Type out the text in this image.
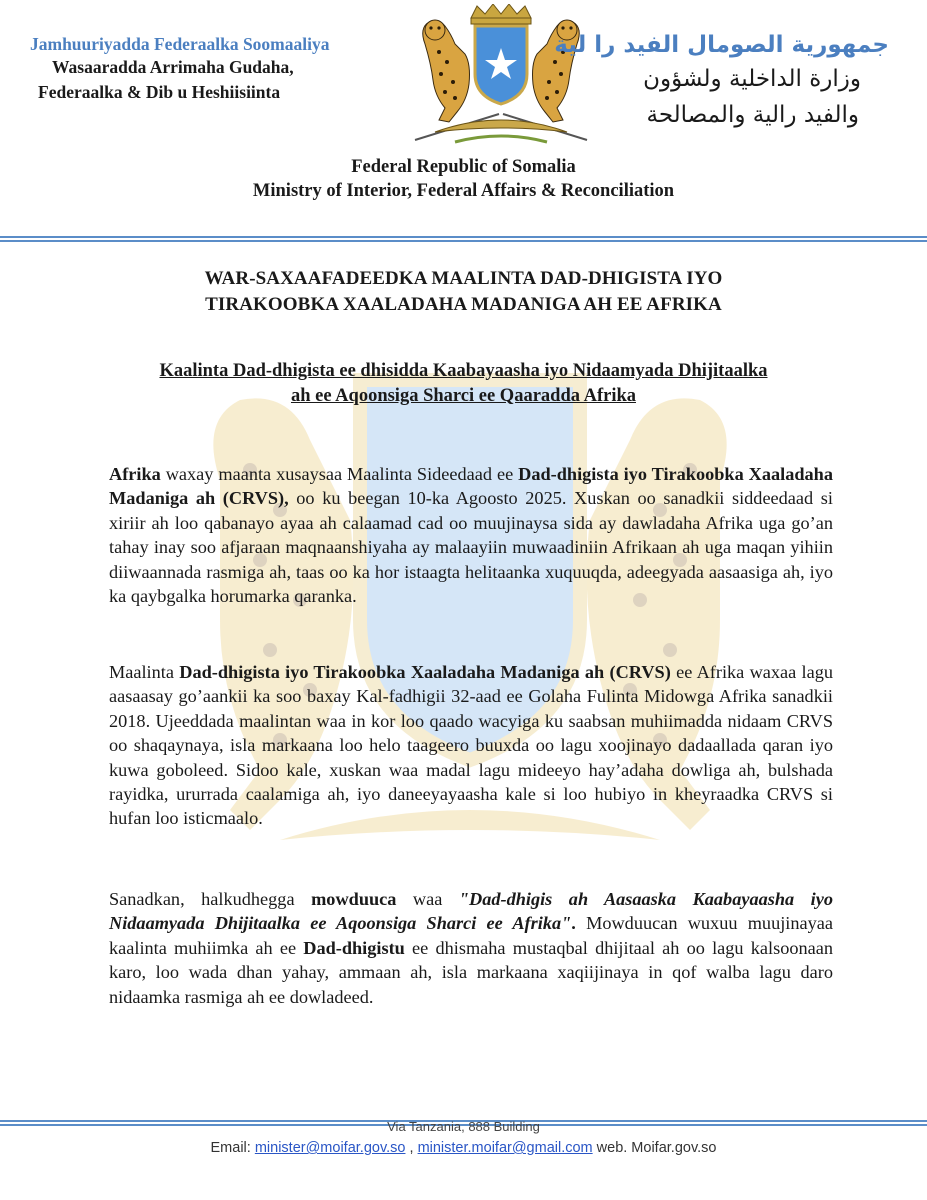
Jamhuuriyadda Federaalka Soomaaliya
Wasaaradda Arrimaha Gudaha,
Federaalka & Dib u Heshiisiinta
جمهورية الصومال الفيد را لية
وزارة الداخلية ولشؤون
والفيد رالية والمصالحة
Federal Republic of Somalia
Ministry of Interior, Federal Affairs & Reconciliation
WAR-SAXAAFADEEDKA MAALINTA DAD-DHIGISTA IYO
TIRAKOOBKA XAALADAHA MADANIGA AH EE AFRIKA
Kaalinta Dad-dhigista ee dhisidda Kaabayaasha iyo Nidaamyada Dhijitaalka
ah ee Aqoonsiga Sharci ee Qaaradda Afrika
Afrika waxay maanta xusaysaa Maalinta Sideedaad ee Dad-dhigista iyo Tirakoobka Xaaladaha Madaniga ah (CRVS), oo ku beegan 10-ka Agoosto 2025. Xuskan oo sanadkii siddeedaad si xiriir ah loo qabanayo ayaa ah calaamad cad oo muujinaysa sida ay dawladaha Afrika uga go’an tahay inay soo afjaraan maqnaanshiyaha ay malaayiin muwaadiniin Afrikaan ah uga maqan yihiin diiwaannada rasmiga ah, taas oo ka hor istaagta helitaanka xuquuqda, adeegyada aasaasiga ah, iyo ka qaybgalka horumarka qaranka.
Maalinta Dad-dhigista iyo Tirakoobka Xaaladaha Madaniga ah (CRVS) ee Afrika waxaa lagu aasaasay go’aankii ka soo baxay Kal-fadhigii 32-aad ee Golaha Fulinta Midowga Afrika sanadkii 2018. Ujeeddada maalintan waa in kor loo qaado wacyiga ku saabsan muhiimadda nidaam CRVS oo shaqaynaya, isla markaana loo helo taageero buuxda oo lagu xoojinayo dadaallada qaran iyo kuwa goboleed. Sidoo kale, xuskan waa madal lagu mideeyo hay’adaha dowliga ah, bulshada rayidka, ururrada caalamiga ah, iyo daneeyayaasha kale si loo hubiyo in kheyraadka CRVS si hufan loo isticmaalo.
Sanadkan, halkudhegga mowduuca waa "Dad-dhigis ah Aasaaska Kaabayaasha iyo Nidaamyada Dhijitaalka ee Aqoonsiga Sharci ee Afrika". Mowduucan wuxuu muujinayaa kaalinta muhiimka ah ee Dad-dhigistu ee dhismaha mustaqbal dhijitaal ah oo lagu kalsoonaan karo, loo wada dhan yahay, ammaan ah, isla markaana xaqiijinaya in qof walba lagu daro nidaamka rasmiga ah ee dowladeed.
Via Tanzania, 888 Building
Email: minister@moifar.gov.so , minister.moifar@gmail.com web. Moifar.gov.so
